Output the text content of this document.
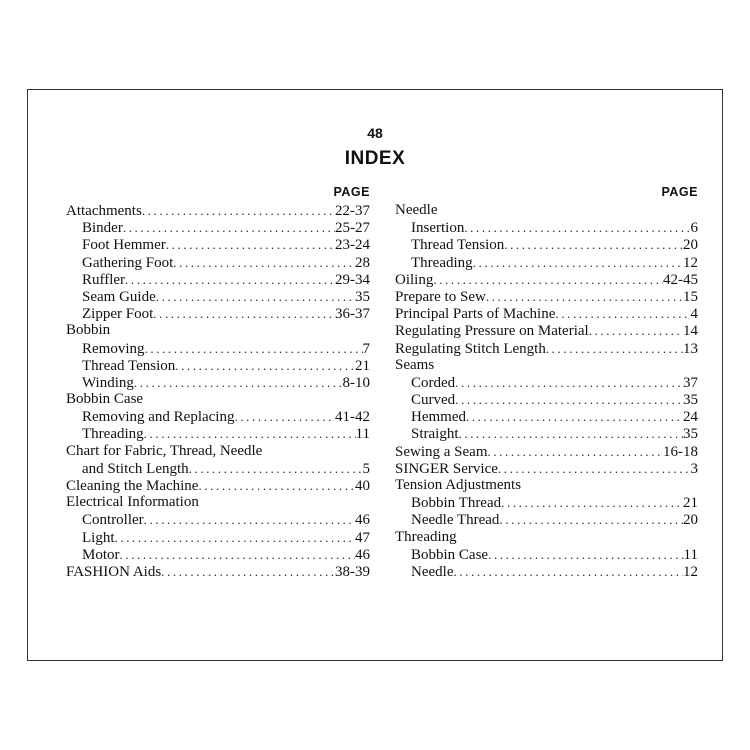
48
INDEX
PAGE
Attachments .....	22-37
Binder .....	25-27
Foot Hemmer .....	23-24
Gathering Foot .....	28
Ruffler .....	29-34
Seam Guide .....	35
Zipper Foot .....	36-37
Bobbin
Removing .....	7
Thread Tension .....	21
Winding .....	8-10
Bobbin Case
Removing and Replacing .....	41-42
Threading .....	11
Chart for Fabric, Thread, Needle
and Stitch Length .....	5
Cleaning the Machine .....	40
Electrical Information
Controller .....	46
Light .....	47
Motor .....	46
FASHION Aids .....	38-39
PAGE
Needle
Insertion .....	6
Thread Tension .....	20
Threading .....	12
Oiling .....	42-45
Prepare to Sew .....	15
Principal Parts of Machine .....	4
Regulating Pressure on Material .....	14
Regulating Stitch Length .....	13
Seams
Corded .....	37
Curved .....	35
Hemmed .....	24
Straight .....	35
Sewing a Seam .....	16-18
SINGER Service .....	3
Tension Adjustments
Bobbin Thread .....	21
Needle Thread .....	20
Threading
Bobbin Case .....	11
Needle .....	12
